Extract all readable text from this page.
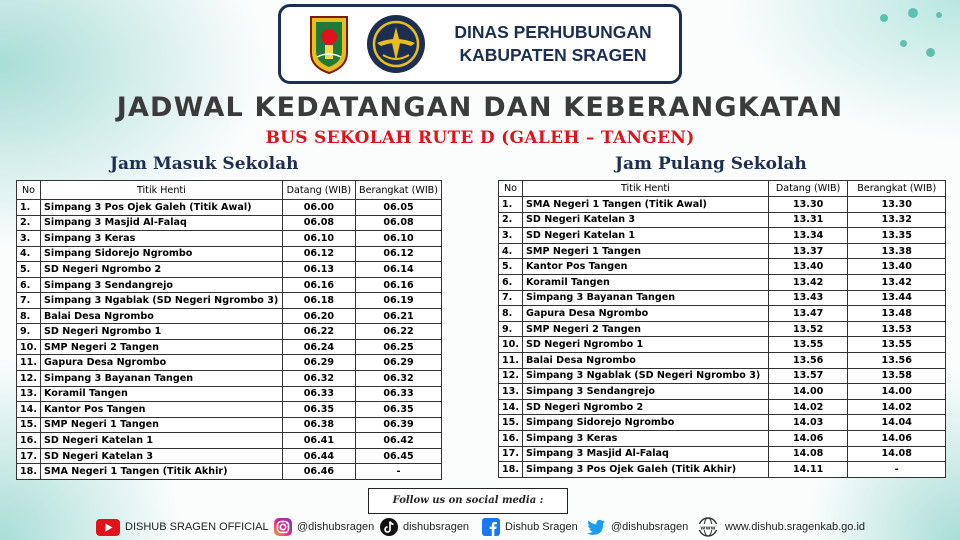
DINAS PERHUBUNGAN
KABUPATEN SRAGEN
JADWAL KEDATANGAN DAN KEBERANGKATAN
BUS SEKOLAH RUTE D (GALEH – TANGEN)
Jam Masuk Sekolah	Jam Pulang Sekolah
No	Titik Henti	Datang (WIB)	Berangkat (WIB)
1.	Simpang 3 Pos Ojek Galeh (Titik Awal)	06.00	06.05
2.	Simpang 3 Masjid Al-Falaq	06.08	06.08
3.	Simpang 3 Keras	06.10	06.10
4.	Simpang Sidorejo Ngrombo	06.12	06.12
5.	SD Negeri Ngrombo 2	06.13	06.14
6.	Simpang 3 Sendangrejo	06.16	06.16
7.	Simpang 3 Ngablak (SD Negeri Ngrombo 3)	06.18	06.19
8.	Balai Desa Ngrombo	06.20	06.21
9.	SD Negeri Ngrombo 1	06.22	06.22
10.	SMP Negeri 2 Tangen	06.24	06.25
11.	Gapura Desa Ngrombo	06.29	06.29
12.	Simpang 3 Bayanan Tangen	06.32	06.32
13.	Koramil Tangen	06.33	06.33
14.	Kantor Pos Tangen	06.35	06.35
15.	SMP Negeri 1 Tangen	06.38	06.39
16.	SD Negeri Katelan 1	06.41	06.42
17.	SD Negeri Katelan 3	06.44	06.45
18.	SMA Negeri 1 Tangen (Titik Akhir)	06.46	-
No	Titik Henti	Datang (WIB)	Berangkat (WIB)
1.	SMA Negeri 1 Tangen (Titik Awal)	13.30	13.30
2.	SD Negeri Katelan 3	13.31	13.32
3.	SD Negeri Katelan 1	13.34	13.35
4.	SMP Negeri 1 Tangen	13.37	13.38
5.	Kantor Pos Tangen	13.40	13.40
6.	Koramil Tangen	13.42	13.42
7.	Simpang 3 Bayanan Tangen	13.43	13.44
8.	Gapura Desa Ngrombo	13.47	13.48
9.	SMP Negeri 2 Tangen	13.52	13.53
10.	SD Negeri Ngrombo 1	13.55	13.55
11.	Balai Desa Ngrombo	13.56	13.56
12.	Simpang 3 Ngablak (SD Negeri Ngrombo 3)	13.57	13.58
13.	Simpang 3 Sendangrejo	14.00	14.00
14.	SD Negeri Ngrombo 2	14.02	14.02
15.	Simpang Sidorejo Ngrombo	14.03	14.04
16.	Simpang 3 Keras	14.06	14.06
17.	Simpang 3 Masjid Al-Falaq	14.08	14.08
18.	Simpang 3 Pos Ojek Galeh (Titik Akhir)	14.11	-
Follow us on social media :
DISHUB SRAGEN OFFICIAL	@dishubsragen	dishubsragen	Dishub Sragen	@dishubsragen www www.dishub.sragenkab.go.id
